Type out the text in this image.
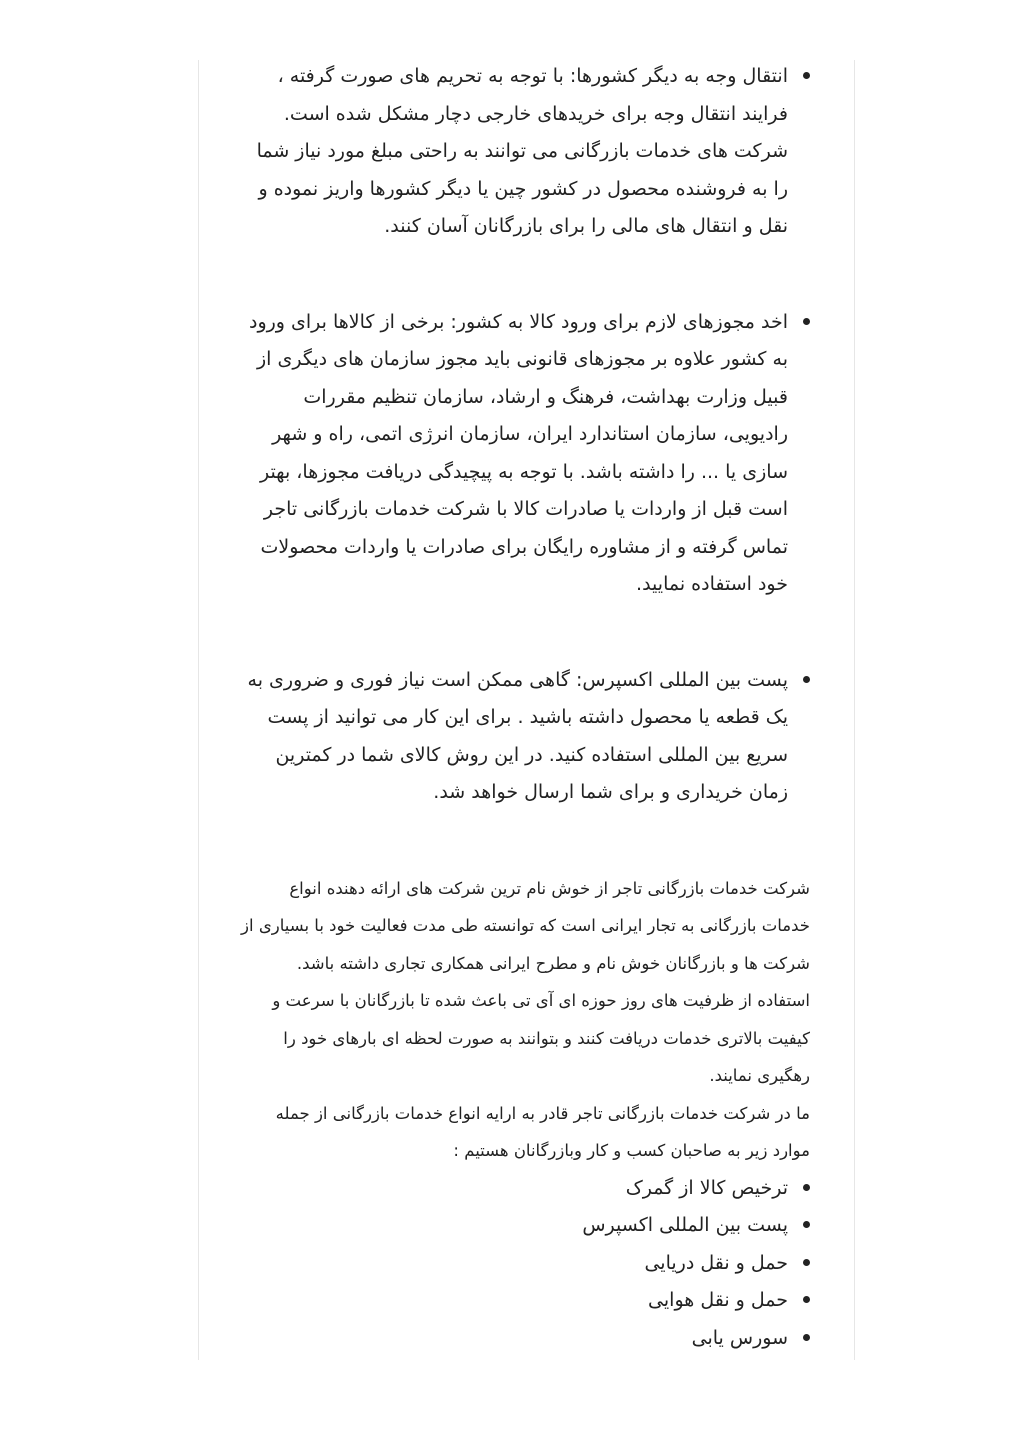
انتقال وجه به دیگر کشورها: با توجه به تحریم های صورت گرفته ، فرایند انتقال وجه برای خریدهای خارجی دچار مشکل شده است. شرکت های خدمات بازرگانی می توانند به راحتی مبلغ مورد نیاز شما را به فروشنده محصول در کشور چین یا دیگر کشورها واریز نموده و نقل و انتقال های مالی را برای بازرگانان آسان کنند.

اخد مجوزهای لازم برای ورود کالا به کشور: برخی از کالاها برای ورود به کشور علاوه بر مجوزهای قانونی باید مجوز سازمان های دیگری از قبیل وزارت بهداشت، فرهنگ و ارشاد، سازمان تنظیم مقررات رادیویی، سازمان استاندارد ایران، سازمان انرژی اتمی، راه و شهر سازی یا ... را داشته باشد. با توجه به پیچیدگی دریافت مجوزها، بهتر است قبل از واردات یا صادرات کالا با شرکت خدمات بازرگانی تاجر تماس گرفته و از مشاوره رایگان برای صادرات یا واردات محصولات خود استفاده نمایید.

پست بین المللی اکسپرس: گاهی ممکن است نیاز فوری و ضروری به یک قطعه یا محصول داشته باشید . برای این کار می توانید از پست سریع بین المللی استفاده کنید. در این روش کالای شما در کمترین زمان خریداری و برای شما ارسال خواهد شد.

شرکت خدمات بازرگانی تاجر از خوش نام ترین شرکت های ارائه دهنده انواع خدمات بازرگانی به تجار ایرانی است که توانسته طی مدت فعالیت خود با بسیاری از شرکت ها و بازرگانان خوش نام و مطرح ایرانی همکاری تجاری داشته باشد. استفاده از ظرفیت های روز حوزه ای آی تی باعث شده تا بازرگانان با سرعت و کیفیت بالاتری خدمات دریافت کنند و بتوانند به صورت لحظه ای بارهای خود را رهگیری نمایند.

ما در شرکت خدمات بازرگانی تاجر قادر به ارایه انواع خدمات بازرگانی از جمله موارد زیر به صاحبان کسب و کار وبازرگانان هستیم :

ترخیص کالا از گمرک
پست بین المللی اکسپرس
حمل و نقل دریایی
حمل و نقل هوایی
سورس یابی
